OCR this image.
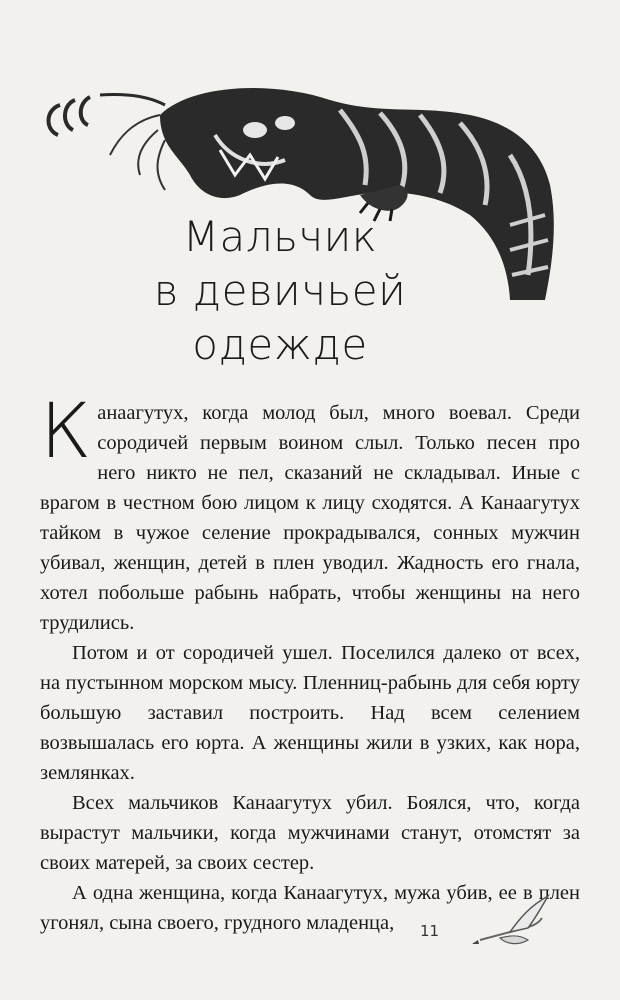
Мальчик
в девичьей
одежде

Канаагутух, когда молод был, много воевал. Среди сородичей первым воином слыл. Только песен про него никто не пел, сказаний не складывал. Иные с врагом в честном бою лицом к лицу сходятся. А Канаагутух тайком в чужое селение прокрадывался, сонных мужчин убивал, женщин, детей в плен уводил. Жадность его гнала, хотел побольше рабынь набрать, чтобы женщины на него трудились.

Потом и от сородичей ушел. Поселился далеко от всех, на пустынном морском мысу. Пленниц-рабынь для себя юрту большую заставил построить. Над всем селением возвышалась его юрта. А женщины жили в узких, как нора, землянках.

Всех мальчиков Канаагутух убил. Боялся, что, когда вырастут мальчики, когда мужчинами станут, отомстят за своих матерей, за своих сестер.

А одна женщина, когда Канаагутух, мужа убив, ее в плен угонял, сына своего, грудного младенца,	11
